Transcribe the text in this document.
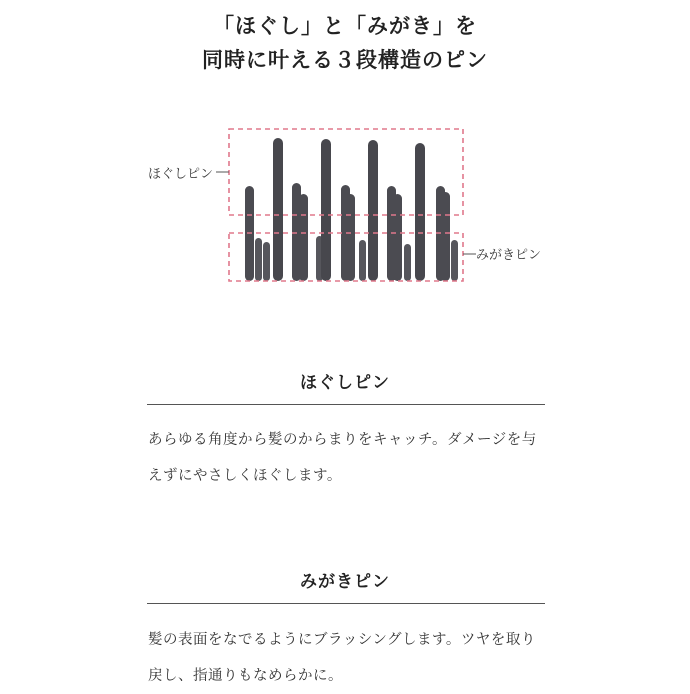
「ほぐし」と「みがき」を
同時に叶える３段構造のピン
ほぐしピン
みがきピン
ほぐしピン
あらゆる角度から髪のからまりをキャッチ。ダメージを与えずにやさしくほぐします。
みがきピン
髪の表面をなでるようにブラッシングします。ツヤを取り戻し、指通りもなめらかに。
